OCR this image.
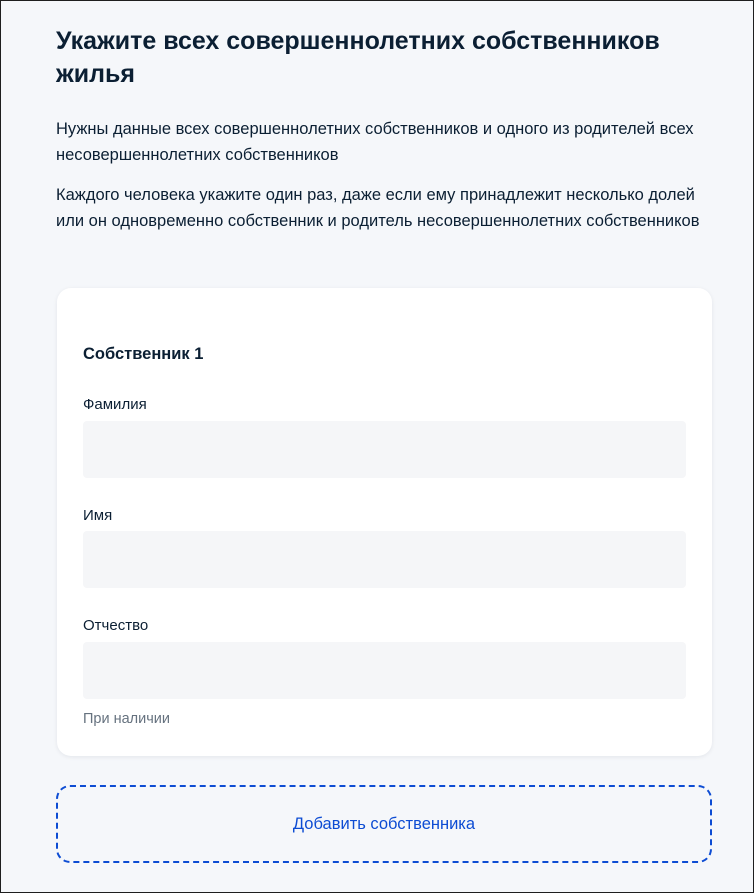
Укажите всех совершеннолетних собственников жилья

Нужны данные всех совершеннолетних собственников и одного из родителей всех несовершеннолетних собственников

Каждого человека укажите один раз, даже если ему принадлежит несколько долей или он одновременно собственник и родитель несовершеннолетних собственников

Собственник 1
Фамилия
Имя
Отчество
При наличии
Добавить собственника
